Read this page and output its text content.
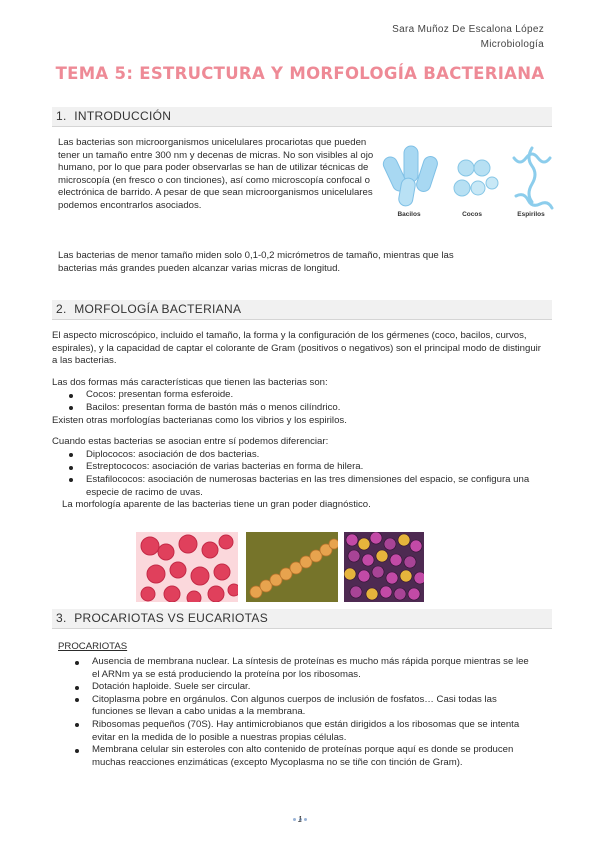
Sara Muñoz De Escalona López
Microbiología
TEMA 5: ESTRUCTURA Y MORFOLOGÍA BACTERIANA
1. INTRODUCCIÓN

Las bacterias son microorganismos unicelulares procariotas que pueden tener un tamaño entre 300 nm y decenas de micras. No son visibles al ojo humano, por lo que para poder observarlas se han de utilizar técnicas de microscopía (en fresco o con tinciones), así como microscopía confocal o electrónica de barrido. A pesar de que sean microorganismos unicelulares podemos encontrarlos asociados.

Bacilos	Cocos	Espirilos

Las bacterias de menor tamaño miden solo 0,1-0,2 micrómetros de tamaño, mientras que las bacterias más grandes pueden alcanzar varias micras de longitud.

2. MORFOLOGÍA BACTERIANA

El aspecto microscópico, incluido el tamaño, la forma y la configuración de los gérmenes (coco, bacilos, curvos, espirales), y la capacidad de captar el colorante de Gram (positivos o negativos) son el principal modo de distinguir a las bacterias.

Las dos formas más características que tienen las bacterias son:

Cocos: presentan forma esferoide.
Bacilos: presentan forma de bastón más o menos cilíndrico.

Existen otras morfologías bacterianas como los vibrios y los espirilos.

Cuando estas bacterias se asocian entre sí podemos diferenciar:

Diplococos: asociación de dos bacterias.
Estreptococos: asociación de varias bacterias en forma de hilera.
Estafilococos: asociación de numerosas bacterias en las tres dimensiones del espacio, se configura una especie de racimo de uvas.

La morfología aparente de las bacterias tiene un gran poder diagnóstico.

3. PROCARIOTAS VS EUCARIOTAS
PROCARIOTAS
Ausencia de membrana nuclear. La síntesis de proteínas es mucho más rápida porque mientras se lee el ARNm ya se está produciendo la proteína por los ribosomas.
Dotación haploide. Suele ser circular.
Citoplasma pobre en orgánulos. Con algunos cuerpos de inclusión de fosfatos… Casi todas las funciones se llevan a cabo unidas a la membrana.
Ribosomas pequeños (70S). Hay antimicrobianos que están dirigidos a los ribosomas que se intenta evitar en la medida de lo posible a nuestras propias células.
Membrana celular sin esteroles con alto contenido de proteínas porque aquí es donde se producen muchas reacciones enzimáticas (excepto Mycoplasma no se tiñe con tinción de Gram).
1
